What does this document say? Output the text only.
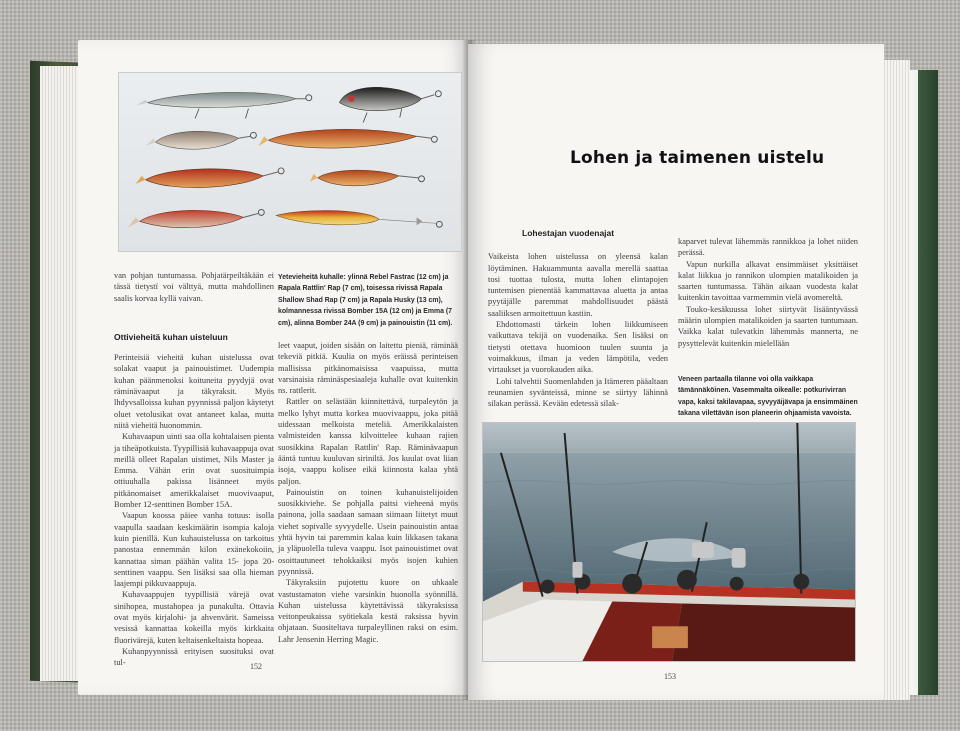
van pohjan tuntumassa. Pohjatärpeiltäkään ei tässä tietystï voi välttyä, mutta mahdollinen saalis korvaa kyllä vaivan.

Ottivieheitä kuhan uisteluun

Perinteisiä vieheitä kuhan uistelussa ovat solakat vaaput ja painouistimet. Uudempia kuhan päänmenoksi koituneita pyydyjä ovat räminävaaput ja täkyraksit. Myös lhdyvsalloissa kuhan pyynnissä paljon käytetyt oluet vetolusikat ovat antaneet kalaa, mutta niitä vieheitä huonommin.

Kuhavaapun uinti saa olla kohtalaisen pienta ja tiheäpotkuista. Tyypillisiä kuhavaappuja ovat meillä olleet Rapalan uistimet, Nils Master ja Emma. Vähän erin ovat suosituimpia ottiuuhalla pakissa lisänneet myös pitkänomaiset amerikkalaiset muovivaaput, Bomber 12-senttinen Bomber 15A.

Vaapun koossa päiee vanha totuus: isolla vaapulla saadaan keskimäärin isompia kaloja kuin pienillä. Kun kuhauistelussa on tarkoitus panostaa ennemmän kilon exänekokoiin, kannattaa siman päähän valita 15- jopa 20-senttinen vaappu. Sen lisäksi saa olla hieman laajempi pikkuvaappuja.

Kuhavaappujen tyypillisiä värejä ovat sinihopea, mustahopea ja punakulta. Ottavia ovat myös kirjalohi- ja ahvenvärit. Sameissa vesissä kannattaa kokeilla myös kirkkaita fluorivärejä, kuten keltaisenkeltaista hopeaa.

Kuhanpyynnissä erityisen suosituksi ovat tul-

Yetevieheitä kuhalle: ylinnä Rebel Fastrac (12 cm) ja Rapala Rattlin' Rap (7 cm), toisessa rivissä Rapala Shallow Shad Rap (7 cm) ja Rapala Husky (13 cm), kolmannessa rivissä Bomber 15A (12 cm) ja Emma (7 cm), alinna Bomber 24A (9 cm) ja painouistin (11 cm).

leet vaaput, joiden sisään on laitettu pieniä, räminää tekeviä pitkiä. Kuulia on myös eräissä perinteisen mallisissa pitkänomaisissa vaapuissa, mutta varsinaisia räminäspesiaaleja kuhalle ovat kuitenkin ns. rattlerit.

Rattler on selästään kiinnitettävä, turpaleytön ja melko lyhyt mutta korkea muovivaappu, joka pitää uidessaan melkoista meteliä. Amerikkalaisten valmisteiden kanssa kilvoittelee kuhaan rajien suosikkina Rapalan Rattlin' Rap. Räminävaapun ääntä tuntuu kuuluvan siriniltä. Jos kuulat ovat liian isoja, vaappu kolisee eikä kiinnosta kalaa yhtä paljon.

Painouistin on toinen kuhanuistelijoiden suosikkiviehe. Se pohjalla paitsi vieheenä myös painona, jolla saadaan samaan siimaan liitetyt muut viehet sopivalle syvyydelle. Usein painouistin antaa yhtä hyvin tai paremmin kalaa kuin likkasen takana ja yläpuolella tuleva vaappu. Isot painouistimet ovat osoittautuneet tehokkaiksi myös isojen kuhien pyynnissä.

Täkyraksiin pujotettu kuore on uhkaale vastustamaton viehe varsinkin huonolla syönnillä. Kuhan uistelussa käytettävissä täkyraksissa veitonpeukaissa syötiekala kestä raksissa hyvin ohjataan. Suositeltava turpaleyllinen raksi on esim. Lahr Jensenin Herring Magic.

152
Lohen ja taimenen uistelu
Lohestajan vuodenajat

Vaikeista lohen uistelussa on yleensä kalan löytäminen. Hakuammunta aavalla merellä saattaa tosi tuottaa tulosta, mutta lohen elintapojen tuntemisen pienentää kammattavaa aluetta ja antaa pyytäjälle paremmat mahdollisuudet päästä saaliiksen armoitettuun kastiin.

Ehdottomasti tärkein lohen liikkumiseen vaikuttava tekijä on vuodenaika. Sen lisäksi on tietysti otettava huomioon tuulen suunta ja voimakkuus, ilman ja veden lämpötila, veden virtaukset ja vuorokauden aika.

Lohi talvehtii Suomenlahden ja Itämeren pääaltaan reunamien syvänteissä, minne se siirtyy lähinnä silakan perässä. Kevään edetessä silak-

kaparvet tulevat lähemmäs rannikkoa ja lohet niiden perässä.

Vapun nurkilla alkavat ensimmäiset yksittäiset kalat liikkua jo rannikon ulompien matalikoiden ja saarten tuntumassa. Tähän aikaan vuodesta kalat kuitenkin tavoittaa varmemmin vielä avomereltä.

Touko-kesäkuussa lohet siirtyvät lisääntyvässä määrin ulompien matalikoiden ja saarten tuntumaan. Vaikka kalat tulevatkin lähemmäs mannerta, ne pysyttelevät kuitenkin mielellään

Veneen partaalla tilanne voi olla vaikkapa tämännäköinen. Vasemmalta oikealle: potkurivirran vapa, kaksi takilavapaa, syvyyäijävapa ja ensimmäinen takana vilettävän ison planeerin ohjaamista vavoista.
153
